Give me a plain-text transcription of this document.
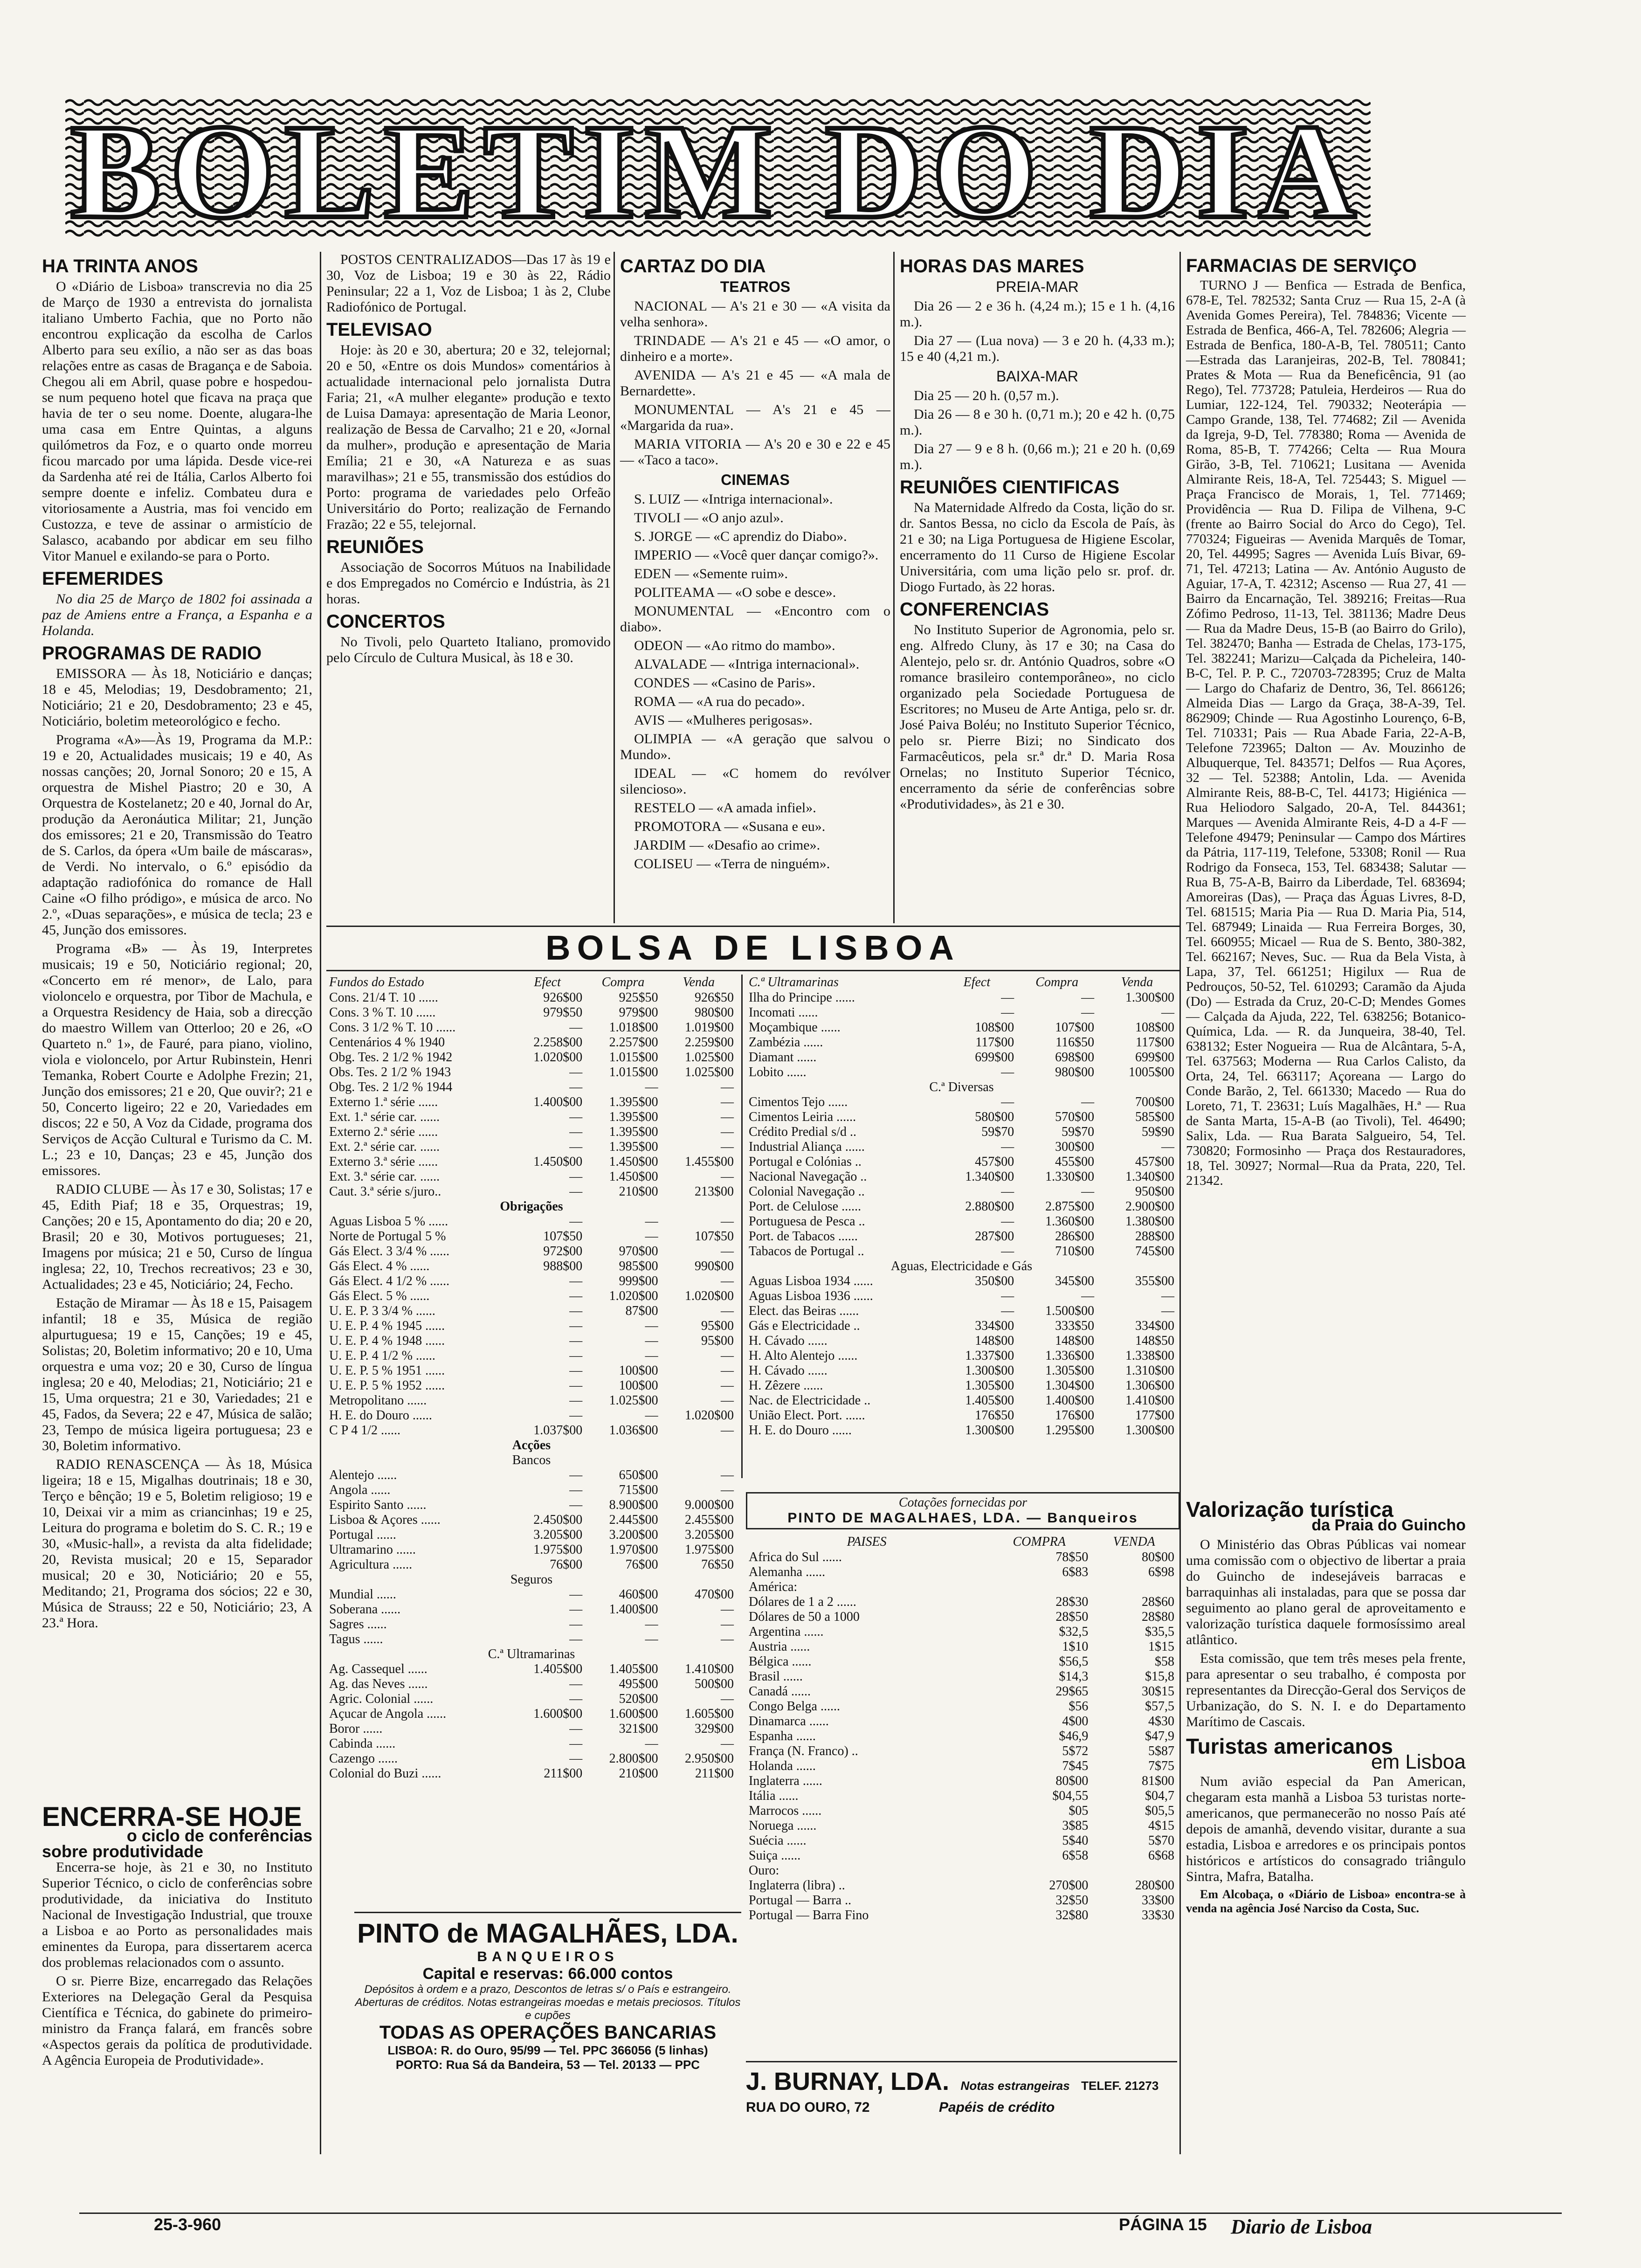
BOLETIM DO DIA
HA TRINTA ANOS

O «Diário de Lisboa» transcrevia no dia 25 de Março de 1930 a entrevista do jornalista italiano Umberto Fachia, que no Porto não encontrou explicação da escolha de Carlos Alberto para seu exílio, a não ser as das boas relações entre as casas de Bragança e de Saboia. Chegou ali em Abril, quase pobre e hospedou-se num pequeno hotel que ficava na praça que havia de ter o seu nome. Doente, alugara-lhe uma casa em Entre Quintas, a alguns quilómetros da Foz, e o quarto onde morreu ficou marcado por uma lápida. Desde vice-rei da Sardenha até rei de Itália, Carlos Alberto foi sempre doente e infeliz. Combateu dura e vitoriosamente a Austria, mas foi vencido em Custozza, e teve de assinar o armistício de Salasco, acabando por abdicar em seu filho Vitor Manuel e exilando-se para o Porto.

EFEMERIDES

No dia 25 de Março de 1802 foi assinada a paz de Amiens entre a França, a Espanha e a Holanda.

PROGRAMAS DE RADIO

EMISSORA — Às 18, Noticiário e danças; 18 e 45, Melodias; 19, Desdobramento; 21, Noticiário; 21 e 20, Desdobramento; 23 e 45, Noticiário, boletim meteorológico e fecho.

Programa «A»—Às 19, Programa da M.P.: 19 e 20, Actualidades musicais; 19 e 40, As nossas canções; 20, Jornal Sonoro; 20 e 15, A orquestra de Mishel Piastro; 20 e 30, A Orquestra de Kostelanetz; 20 e 40, Jornal do Ar, produção da Aeronáutica Militar; 21, Junção dos emissores; 21 e 20, Transmissão do Teatro de S. Carlos, da ópera «Um baile de máscaras», de Verdi. No intervalo, o 6.º episódio da adaptação radiofónica do romance de Hall Caine «O filho pródigo», e música de arco. No 2.º, «Duas separações», e música de tecla; 23 e 45, Junção dos emissores.

Programa «B» — Às 19, Interpretes musicais; 19 e 50, Noticiário regional; 20, «Concerto em ré menor», de Lalo, para violoncelo e orquestra, por Tibor de Machula, e a Orquestra Residency de Haia, sob a direcção do maestro Willem van Otterloo; 20 e 26, «O Quarteto n.º 1», de Fauré, para piano, violino, viola e violoncelo, por Artur Rubinstein, Henri Temanka, Robert Courte e Adolphe Frezin; 21, Junção dos emissores; 21 e 20, Que ouvir?; 21 e 50, Concerto ligeiro; 22 e 20, Variedades em discos; 22 e 50, A Voz da Cidade, programa dos Serviços de Acção Cultural e Turismo da C. M. L.; 23 e 10, Danças; 23 e 45, Junção dos emissores.

RADIO CLUBE — Às 17 e 30, Solistas; 17 e 45, Edith Piaf; 18 e 35, Orquestras; 19, Canções; 20 e 15, Apontamento do dia; 20 e 20, Brasil; 20 e 30, Motivos portugueses; 21, Imagens por música; 21 e 50, Curso de língua inglesa; 22, 10, Trechos recreativos; 23 e 30, Actualidades; 23 e 45, Noticiário; 24, Fecho.

Estação de Miramar — Às 18 e 15, Paisagem infantil; 18 e 35, Música de região alpurtuguesa; 19 e 15, Canções; 19 e 45, Solistas; 20, Boletim informativo; 20 e 10, Uma orquestra e uma voz; 20 e 30, Curso de língua inglesa; 20 e 40, Melodias; 21, Noticiário; 21 e 15, Uma orquestra; 21 e 30, Variedades; 21 e 45, Fados, da Severa; 22 e 47, Música de salão; 23, Tempo de música ligeira portuguesa; 23 e 30, Boletim informativo.

RADIO RENASCENÇA — Às 18, Música ligeira; 18 e 15, Migalhas doutrinais; 18 e 30, Terço e bênção; 19 e 5, Boletim religioso; 19 e 10, Deixai vir a mim as criancinhas; 19 e 25, Leitura do programa e boletim do S. C. R.; 19 e 30, «Music-hall», a revista da alta fidelidade; 20, Revista musical; 20 e 15, Separador musical; 20 e 30, Noticiário; 20 e 55, Meditando; 21, Programa dos sócios; 22 e 30, Música de Strauss; 22 e 50, Noticiário; 23, A 23.ª Hora.

ENCERRA-SE HOJE
o ciclo de conferências
sobre produtividade

Encerra-se hoje, às 21 e 30, no Instituto Superior Técnico, o ciclo de conferências sobre produtividade, da iniciativa do Instituto Nacional de Investigação Industrial, que trouxe a Lisboa e ao Porto as personalidades mais eminentes da Europa, para dissertarem acerca dos problemas relacionados com o assunto.

O sr. Pierre Bize, encarregado das Relações Exteriores na Delegação Geral da Pesquisa Científica e Técnica, do gabinete do primeiro-ministro da França falará, em francês sobre «Aspectos gerais da política de produtividade. A Agência Europeia de Produtividade».

POSTOS CENTRALIZADOS—Das 17 às 19 e 30, Voz de Lisboa; 19 e 30 às 22, Rádio Peninsular; 22 a 1, Voz de Lisboa; 1 às 2, Clube Radiofónico de Portugal.

TELEVISAO

Hoje: às 20 e 30, abertura; 20 e 32, telejornal; 20 e 50, «Entre os dois Mundos» comentários à actualidade internacional pelo jornalista Dutra Faria; 21, «A mulher elegante» produção e texto de Luisa Damaya: apresentação de Maria Leonor, realização de Bessa de Carvalho; 21 e 20, «Jornal da mulher», produção e apresentação de Maria Emília; 21 e 30, «A Natureza e as suas maravilhas»; 21 e 55, transmissão dos estúdios do Porto: programa de variedades pelo Orfeão Universitário do Porto; realização de Fernando Frazão; 22 e 55, telejornal.

REUNIÕES

Associação de Socorros Mútuos na Inabilidade e dos Empregados no Comércio e Indústria, às 21 horas.

CONCERTOS

No Tivoli, pelo Quarteto Italiano, promovido pelo Círculo de Cultura Musical, às 18 e 30.

CARTAZ DO DIA
TEATROS

NACIONAL — A's 21 e 30 — «A visita da velha senhora».

TRINDADE — A's 21 e 45 — «O amor, o dinheiro e a morte».

AVENIDA — A's 21 e 45 — «A mala de Bernardette».

MONUMENTAL — A's 21 e 45 — «Margarida da rua».

MARIA VITORIA — A's 20 e 30 e 22 e 45 — «Taco a taco».

CINEMAS

S. LUIZ — «Intriga internacional».

TIVOLI — «O anjo azul».

S. JORGE — «C aprendiz do Diabo».

IMPERIO — «Você quer dançar comigo?».

EDEN — «Semente ruim».

POLITEAMA — «O sobe e desce».

MONUMENTAL — «Encontro com o diabo».

ODEON — «Ao ritmo do mambo».

ALVALADE — «Intriga internacional».

CONDES — «Casino de Paris».

ROMA — «A rua do pecado».

AVIS — «Mulheres perigosas».

OLIMPIA — «A geração que salvou o Mundo».

IDEAL — «C homem do revólver silencioso».

RESTELO — «A amada infiel».

PROMOTORA — «Susana e eu».

JARDIM — «Desafio ao crime».

COLISEU — «Terra de ninguém».

HORAS DAS MARES
PREIA-MAR

Dia 26 — 2 e 36 h. (4,24 m.); 15 e 1 h. (4,16 m.).

Dia 27 — (Lua nova) — 3 e 20 h. (4,33 m.); 15 e 40 (4,21 m.).

BAIXA-MAR

Dia 25 — 20 h. (0,57 m.).

Dia 26 — 8 e 30 h. (0,71 m.); 20 e 42 h. (0,75 m.).

Dia 27 — 9 e 8 h. (0,66 m.); 21 e 20 h. (0,69 m.).

REUNIÕES CIENTIFICAS

Na Maternidade Alfredo da Costa, lição do sr. dr. Santos Bessa, no ciclo da Escola de País, às 21 e 30; na Liga Portuguesa de Higiene Escolar, encerramento do 11 Curso de Higiene Escolar Universitária, com uma lição pelo sr. prof. dr. Diogo Furtado, às 22 horas.

CONFERENCIAS

No Instituto Superior de Agronomia, pelo sr. eng. Alfredo Cluny, às 17 e 30; na Casa do Alentejo, pelo sr. dr. António Quadros, sobre «O romance brasileiro contemporâneo», no ciclo organizado pela Sociedade Portuguesa de Escritores; no Museu de Arte Antiga, pelo sr. dr. José Paiva Boléu; no Instituto Superior Técnico, pelo sr. Pierre Bizi; no Sindicato dos Farmacêuticos, pela sr.ª dr.ª D. Maria Rosa Ornelas; no Instituto Superior Técnico, encerramento da série de conferências sobre «Produtividades», às 21 e 30.

FARMACIAS DE SERVIÇO

TURNO J — Benfica — Estrada de Benfica, 678-E, Tel. 782532; Santa Cruz — Rua 15, 2-A (à Avenida Gomes Pereira), Tel. 784836; Vicente — Estrada de Benfica, 466-A, Tel. 782606; Alegria — Estrada de Benfica, 180-A-B, Tel. 780511; Canto—Estrada das Laranjeiras, 202-B, Tel. 780841; Prates & Mota — Rua da Beneficência, 91 (ao Rego), Tel. 773728; Patuleia, Herdeiros — Rua do Lumiar, 122-124, Tel. 790332; Neoterápia — Campo Grande, 138, Tel. 774682; Zil — Avenida da Igreja, 9-D, Tel. 778380; Roma — Avenida de Roma, 85-B, T. 774266; Celta — Rua Moura Girão, 3-B, Tel. 710621; Lusitana — Avenida Almirante Reis, 18-A, Tel. 725443; S. Miguel — Praça Francisco de Morais, 1, Tel. 771469; Providência — Rua D. Filipa de Vilhena, 9-C (frente ao Bairro Social do Arco do Cego), Tel. 770324; Figueiras — Avenida Marquês de Tomar, 20, Tel. 44995; Sagres — Avenida Luís Bivar, 69-71, Tel. 47213; Latina — Av. António Augusto de Aguiar, 17-A, T. 42312; Ascenso — Rua 27, 41 — Bairro da Encarnação, Tel. 389216; Freitas—Rua Zófimo Pedroso, 11-13, Tel. 381136; Madre Deus — Rua da Madre Deus, 15-B (ao Bairro do Grilo), Tel. 382470; Banha — Estrada de Chelas, 173-175, Tel. 382241; Marizu—Calçada da Picheleira, 140-B-C, Tel. P. P. C., 720703-728395; Cruz de Malta — Largo do Chafariz de Dentro, 36, Tel. 866126; Almeida Dias — Largo da Graça, 38-A-39, Tel. 862909; Chinde — Rua Agostinho Lourenço, 6-B, Tel. 710331; Pais — Rua Abade Faria, 22-A-B, Telefone 723965; Dalton — Av. Mouzinho de Albuquerque, Tel. 843571; Delfos — Rua Açores, 32 — Tel. 52388; Antolin, Lda. — Avenida Almirante Reis, 88-B-C, Tel. 44173; Higiénica —Rua Heliodoro Salgado, 20-A, Tel. 844361; Marques — Avenida Almirante Reis, 4-D a 4-F — Telefone 49479; Peninsular — Campo dos Mártires da Pátria, 117-119, Telefone, 53308; Ronil — Rua Rodrigo da Fonseca, 153, Tel. 683438; Salutar — Rua B, 75-A-B, Bairro da Liberdade, Tel. 683694; Amoreiras (Das), — Praça das Águas Livres, 8-D, Tel. 681515; Maria Pia — Rua D. Maria Pia, 514, Tel. 687949; Linaida — Rua Ferreira Borges, 30, Tel. 660955; Micael — Rua de S. Bento, 380-382, Tel. 662167; Neves, Suc. — Rua da Bela Vista, à Lapa, 37, Tel. 661251; Higilux — Rua de Pedrouços, 50-52, Tel. 610293; Caramão da Ajuda (Do) — Estrada da Cruz, 20-C-D; Mendes Gomes — Calçada da Ajuda, 222, Tel. 638256; Botanico-Química, Lda. — R. da Junqueira, 38-40, Tel. 638132; Ester Nogueira — Rua de Alcântara, 5-A, Tel. 637563; Moderna — Rua Carlos Calisto, da Orta, 24, Tel. 663117; Açoreana — Largo do Conde Barão, 2, Tel. 661330; Macedo — Rua do Loreto, 71, T. 23631; Luís Magalhães, H.ª — Rua de Santa Marta, 15-A-B (ao Tivoli), Tel. 46490; Salix, Lda. — Rua Barata Salgueiro, 54, Tel. 730820; Formosinho — Praça dos Restauradores, 18, Tel. 30927; Normal—Rua da Prata, 220, Tel. 21342.

Valorização turística
da Praia do Guincho

O Ministério das Obras Públicas vai nomear uma comissão com o objectivo de libertar a praia do Guincho de indesejáveis barracas e barraquinhas ali instaladas, para que se possa dar seguimento ao plano geral de aproveitamento e valorização turística daquele formosíssimo areal atlântico.

Esta comissão, que tem três meses pela frente, para apresentar o seu trabalho, é composta por representantes da Direcção-Geral dos Serviços de Urbanização, do S. N. I. e do Departamento Marítimo de Cascais.

Turistas americanos
em Lisboa

Num avião especial da Pan American, chegaram esta manhã a Lisboa 53 turistas norte-americanos, que permanecerão no nosso País até depois de amanhã, devendo visitar, durante a sua estadia, Lisboa e arredores e os principais pontos históricos e artísticos do consagrado triângulo Sintra, Mafra, Batalha.

Em Alcobaça, o «Diário de Lisboa» encontra-se à venda na agência José Narciso da Costa, Suc.

BOLSA DE LISBOA
Fundos do Estado	Efect	Compra	Venda
Cons. 21/4 T. 10 ......	926$00	925$50	926$50
Cons. 3 % T. 10 ......	979$50	979$00	980$00
Cons. 3 1/2 % T. 10 ......	—	1.018$00	1.019$00
Centenários 4 % 1940	2.258$00	2.257$00	2.259$00
Obg. Tes. 2 1/2 % 1942	1.020$00	1.015$00	1.025$00
Obs. Tes. 2 1/2 % 1943	—	1.015$00	1.025$00
Obg. Tes. 2 1/2 % 1944	—	—	—
Externo 1.ª série ......	1.400$00	1.395$00	—
Ext. 1.ª série car. ......	—	1.395$00	—
Externo 2.ª série ......	—	1.395$00	—
Ext. 2.ª série car. ......	—	1.395$00	—
Externo 3.ª série ......	1.450$00	1.450$00	1.455$00
Ext. 3.ª série car. ......	—	1.450$00	—
Caut. 3.ª série s/juro..	—	210$00	213$00
Obrigações			
Aguas Lisboa 5 % ......	—	—	—
Norte de Portugal 5 %	107$50	—	107$50
Gás Elect. 3 3/4 % ......	972$00	970$00	—
Gás Elect. 4 % ......	988$00	985$00	990$00
Gás Elect. 4 1/2 % ......	—	999$00	—
Gás Elect. 5 % ......	—	1.020$00	1.020$00
U. E. P. 3 3/4 % ......	—	87$00	—
U. E. P. 4 % 1945 ......	—	—	95$00
U. E. P. 4 % 1948 ......	—	—	95$00
U. E. P. 4 1/2 % ......	—	—	—
U. E. P. 5 % 1951 ......	—	100$00	—
U. E. P. 5 % 1952 ......	—	100$00	—
Metropolitano ......	—	1.025$00	—
H. E. do Douro ......	—	—	1.020$00
C P 4 1/2 ......	1.037$00	1.036$00	—
Acções			
Bancos			
Alentejo ......	—	650$00	—
Angola ......	—	715$00	—
Espirito Santo ......	—	8.900$00	9.000$00
Lisboa & Açores ......	2.450$00	2.445$00	2.455$00
Portugal ......	3.205$00	3.200$00	3.205$00
Ultramarino ......	1.975$00	1.970$00	1.975$00
Agricultura ......	76$00	76$00	76$50
Seguros			
Mundial ......	—	460$00	470$00
Soberana ......	—	1.400$00	—
Sagres ......	—	—	—
Tagus ......	—	—	—
C.ª Ultramarinas			
Ag. Cassequel ......	1.405$00	1.405$00	1.410$00
Ag. das Neves ......	—	495$00	500$00
Agric. Colonial ......	—	520$00	—
Açucar de Angola ......	1.600$00	1.600$00	1.605$00
Boror ......	—	321$00	329$00
Cabinda ......	—	—	—
Cazengo ......	—	2.800$00	2.950$00
Colonial do Buzi ......	211$00	210$00	211$00
C.ª Ultramarinas	Efect	Compra	Venda
Ilha do Principe ......	—	—	1.300$00
Incomati ......	—	—	—
Moçambique ......	108$00	107$00	108$00
Zambézia ......	117$00	116$50	117$00
Diamant ......	699$00	698$00	699$00
Lobito ......	—	980$00	1005$00
C.ª Diversas			
Cimentos Tejo ......	—	—	700$00
Cimentos Leiria ......	580$00	570$00	585$00
Crédito Predial s/d ..	59$70	59$70	59$90
Industrial Aliança ......	—	300$00	—
Portugal e Colónias ..	457$00	455$00	457$00
Nacional Navegação ..	1.340$00	1.330$00	1.340$00
Colonial Navegação ..	—	—	950$00
Port. de Celulose ......	2.880$00	2.875$00	2.900$00
Portuguesa de Pesca ..	—	1.360$00	1.380$00
Port. de Tabacos ......	287$00	286$00	288$00
Tabacos de Portugal ..	—	710$00	745$00
Aguas, Electricidade e Gás			
Aguas Lisboa 1934 ......	350$00	345$00	355$00
Aguas Lisboa 1936 ......	—	—	—
Elect. das Beiras ......	—	1.500$00	—
Gás e Electricidade ..	334$00	333$50	334$00
H. Cávado ......	148$00	148$00	148$50
H. Alto Alentejo ......	1.337$00	1.336$00	1.338$00
H. Cávado ......	1.300$00	1.305$00	1.310$00
H. Zêzere ......	1.305$00	1.304$00	1.306$00
Nac. de Electricidade ..	1.405$00	1.400$00	1.410$00
União Elect. Port. ......	176$50	176$00	177$00
H. E. do Douro ......	1.300$00	1.295$00	1.300$00
Cotações fornecidas por
PINTO DE MAGALHAES, LDA. — Banqueiros
PAISES	COMPRA	VENDA
Africa do Sul ......	78$50	80$00
Alemanha ......	6$83	6$98
América:		
Dólares de 1 a 2 ......	28$30	28$60
Dólares de 50 a 1000	28$50	28$80
Argentina ......	$32,5	$35,5
Austria ......	1$10	1$15
Bélgica ......	$56,5	$58
Brasil ......	$14,3	$15,8
Canadá ......	29$65	30$15
Congo Belga ......	$56	$57,5
Dinamarca ......	4$00	4$30
Espanha ......	$46,9	$47,9
França (N. Franco) ..	5$72	5$87
Holanda ......	7$45	7$75
Inglaterra ......	80$00	81$00
Itália ......	$04,55	$04,7
Marrocos ......	$05	$05,5
Noruega ......	3$85	4$15
Suécia ......	5$40	5$70
Suiça ......	6$58	6$68
Ouro:		
Inglaterra (libra) ..	270$00	280$00
Portugal — Barra ..	32$50	33$00
Portugal — Barra Fino	32$80	33$30
PINTO de MAGALHÃES, LDA.
BANQUEIROS
Capital e reservas: 66.000 contos
Depósitos à ordem e a prazo, Descontos de letras s/ o País e estrangeiro. Aberturas de créditos. Notas estrangeiras moedas e metais preciosos. Títulos e cupões
TODAS AS OPERAÇÕES BANCARIAS
LISBOA: R. do Ouro, 95/99 — Tel. PPC 366056 (5 linhas)
PORTO: Rua Sá da Bandeira, 53 — Tel. 20133 — PPC
J. BURNAY, LDA. Notas estrangeiras TELEF. 21273
RUA DO OURO, 72	Papéis de crédito
25-3-960	PÁGINA 15 Diario de Lisboa
